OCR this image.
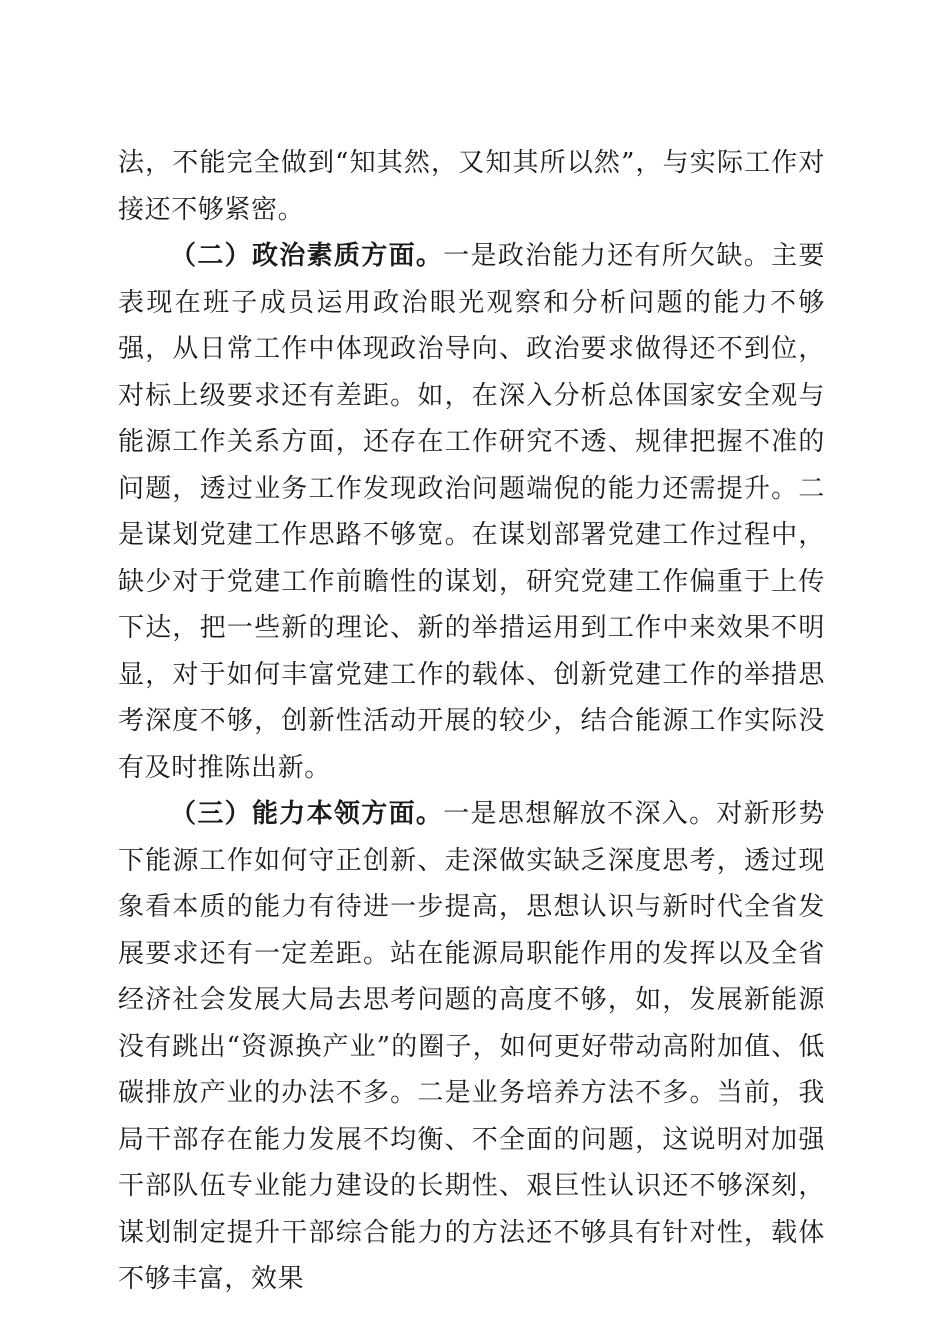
法，不能完全做到“知其然，又知其所以然”，与实际工作对接还不够紧密。

（二）政治素质方面。一是政治能力还有所欠缺。主要表现在班子成员运用政治眼光观察和分析问题的能力不够强，从日常工作中体现政治导向、政治要求做得还不到位，对标上级要求还有差距。如，在深入分析总体国家安全观与能源工作关系方面，还存在工作研究不透、规律把握不准的问题，透过业务工作发现政治问题端倪的能力还需提升。二是谋划党建工作思路不够宽。在谋划部署党建工作过程中，缺少对于党建工作前瞻性的谋划，研究党建工作偏重于上传下达，把一些新的理论、新的举措运用到工作中来效果不明显，对于如何丰富党建工作的载体、创新党建工作的举措思考深度不够，创新性活动开展的较少，结合能源工作实际没有及时推陈出新。

（三）能力本领方面。一是思想解放不深入。对新形势下能源工作如何守正创新、走深做实缺乏深度思考，透过现象看本质的能力有待进一步提高，思想认识与新时代全省发展要求还有一定差距。站在能源局职能作用的发挥以及全省经济社会发展大局去思考问题的高度不够，如，发展新能源没有跳出“资源换产业”的圈子，如何更好带动高附加值、低碳排放产业的办法不多。二是业务培养方法不多。当前，我局干部存在能力发展不均衡、不全面的问题，这说明对加强干部队伍专业能力建设的长期性、艰巨性认识还不够深刻，谋划制定提升干部综合能力的方法还不够具有针对性，载体不够丰富，效果
